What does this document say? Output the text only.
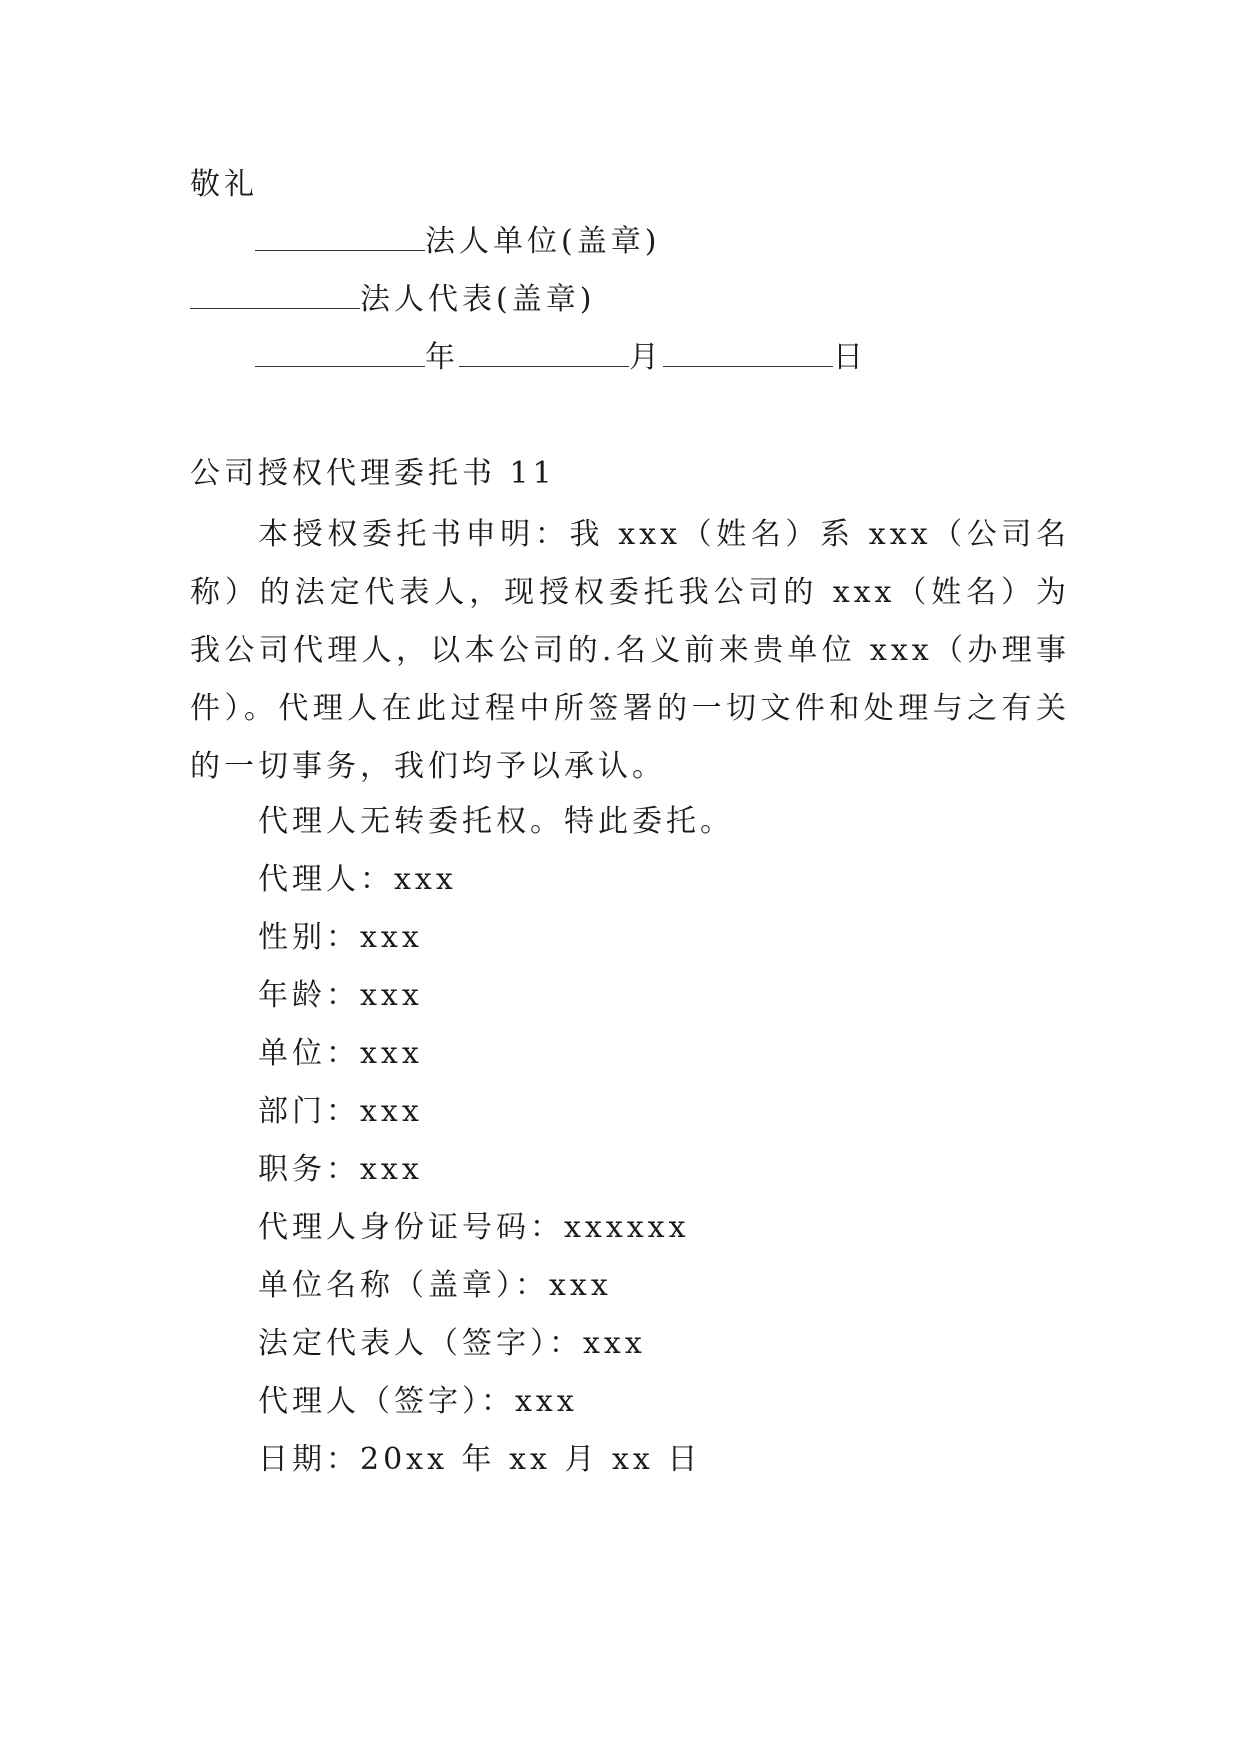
敬礼
法人单位(盖章)
法人代表(盖章)
年	月	日
公司授权代理委托书 11
本授权委托书申明：我 xxx（姓名）系 xxx（公司名称）的法定代表人，现授权委托我公司的 xxx（姓名）为我公司代理人，以本公司的.名义前来贵单位 xxx（办理事件）。代理人在此过程中所签署的一切文件和处理与之有关的一切事务，我们均予以承认。
代理人无转委托权。特此委托。
代理人：xxx
性别：xxx
年龄：xxx
单位：xxx
部门：xxx
职务：xxx
代理人身份证号码：xxxxxx
单位名称（盖章）：xxx
法定代表人（签字）：xxx
代理人（签字）：xxx
日期：20xx 年 xx 月 xx 日
